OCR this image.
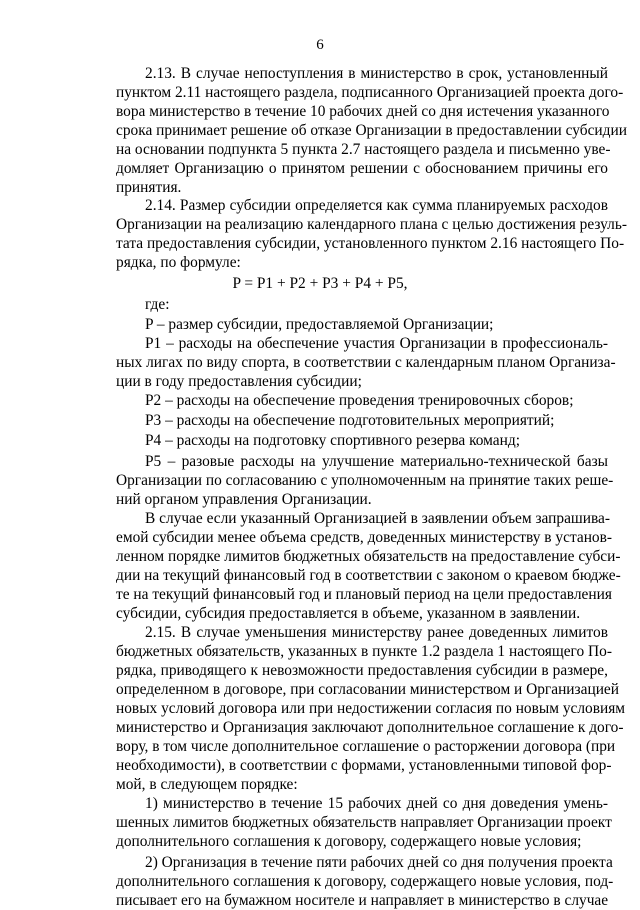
6
2.13. В случае непоступления в министерство в срок, установленный
пунктом 2.11 настоящего раздела, подписанного Организацией проекта дого-
вора министерство в течение 10 рабочих дней со дня истечения указанного
срока принимает решение об отказе Организации в предоставлении субсидии
на основании подпункта 5 пункта 2.7 настоящего раздела и письменно уве-
домляет Организацию о принятом решении с обоснованием причины его
принятия.
2.14. Размер субсидии определяется как сумма планируемых расходов
Организации на реализацию календарного плана с целью достижения резуль-
тата предоставления субсидии, установленного пунктом 2.16 настоящего По-
рядка, по формуле:
P = P1 + P2 + P3 + P4 + P5,
где:
P – размер субсидии, предоставляемой Организации;
P1 – расходы на обеспечение участия Организации в профессиональ-
ных лигах по виду спорта, в соответствии с календарным планом Организа-
ции в году предоставления субсидии;
P2 – расходы на обеспечение проведения тренировочных сборов;
P3 – расходы на обеспечение подготовительных мероприятий;
P4 – расходы на подготовку спортивного резерва команд;
P5 – разовые расходы на улучшение материально-технической базы
Организации по согласованию с уполномоченным на принятие таких реше-
ний органом управления Организации.
В случае если указанный Организацией в заявлении объем запрашива-
емой субсидии менее объема средств, доведенных министерству в установ-
ленном порядке лимитов бюджетных обязательств на предоставление субси-
дии на текущий финансовый год в соответствии с законом о краевом бюдже-
те на текущий финансовый год и плановый период на цели предоставления
субсидии, субсидия предоставляется в объеме, указанном в заявлении.
2.15. В случае уменьшения министерству ранее доведенных лимитов
бюджетных обязательств, указанных в пункте 1.2 раздела 1 настоящего По-
рядка, приводящего к невозможности предоставления субсидии в размере,
определенном в договоре, при согласовании министерством и Организацией
новых условий договора или при недостижении согласия по новым условиям
министерство и Организация заключают дополнительное соглашение к дого-
вору, в том числе дополнительное соглашение о расторжении договора (при
необходимости), в соответствии с формами, установленными типовой фор-
мой, в следующем порядке:
1) министерство в течение 15 рабочих дней со дня доведения умень-
шенных лимитов бюджетных обязательств направляет Организации проект
дополнительного соглашения к договору, содержащего новые условия;
2) Организация в течение пяти рабочих дней со дня получения проекта
дополнительного соглашения к договору, содержащего новые условия, под-
писывает его на бумажном носителе и направляет в министерство в случае
